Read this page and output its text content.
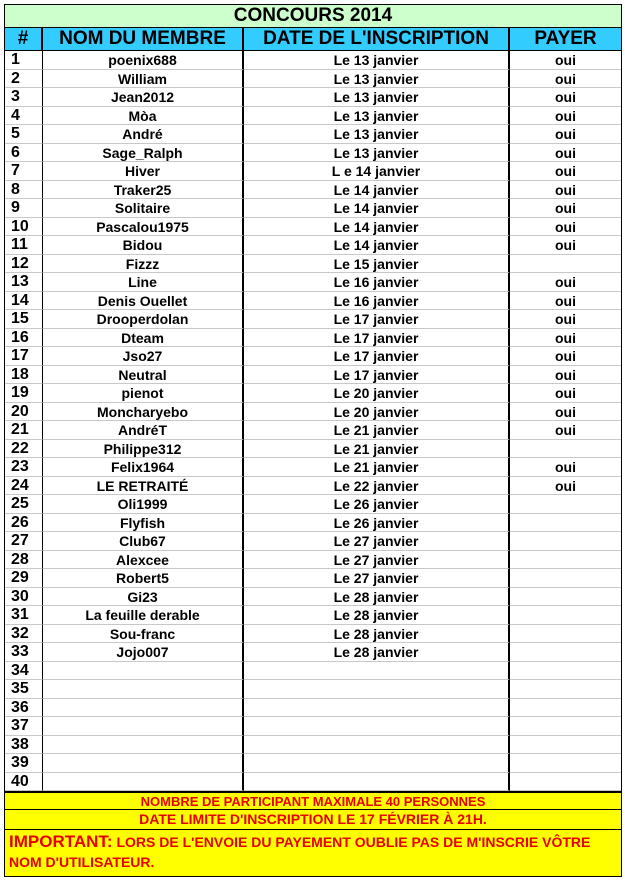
CONCOURS 2014
#	NOM DU MEMBRE	DATE DE L'INSCRIPTION	PAYER
1	poenix688	Le 13 janvier	oui
2	William	Le 13 janvier	oui
3	Jean2012	Le 13 janvier	oui
4	Mòa	Le 13 janvier	oui
5	André	Le 13 janvier	oui
6	Sage_Ralph	Le 13 janvier	oui
7	Hiver	L e 14 janvier	oui
8	Traker25	Le 14 janvier	oui
9	Solitaire	Le 14 janvier	oui
10	Pascalou1975	Le 14 janvier	oui
11	Bidou	Le 14 janvier	oui
12	Fizzz	Le 15 janvier
13	Line	Le 16 janvier	oui
14	Denis Ouellet	Le 16 janvier	oui
15	Drooperdolan	Le 17 janvier	oui
16	Dteam	Le 17 janvier	oui
17	Jso27	Le 17 janvier	oui
18	Neutral	Le 17 janvier	oui
19	pienot	Le 20 janvier	oui
20	Moncharyebo	Le 20 janvier	oui
21	AndréT	Le 21 janvier	oui
22	Philippe312	Le 21 janvier
23	Felix1964	Le 21 janvier	oui
24	LE RETRAITÉ	Le 22 janvier	oui
25	Oli1999	Le 26 janvier
26	Flyfish	Le 26 janvier
27	Club67	Le 27 janvier
28	Alexcee	Le 27 janvier
29	Robert5	Le 27 janvier
30	Gi23	Le 28 janvier
31	La feuille derable	Le 28 janvier
32	Sou-franc	Le 28 janvier
33	Jojo007	Le 28 janvier
34
35
36
37
38
39
40
NOMBRE DE PARTICIPANT MAXIMALE 40 PERSONNES
DATE LIMITE D'INSCRIPTION LE 17 FÉVRIER À 21H.
IMPORTANT: LORS DE L'ENVOIE DU PAYEMENT OUBLIE PAS DE M'INSCRIE VÔTRE NOM D'UTILISATEUR.
